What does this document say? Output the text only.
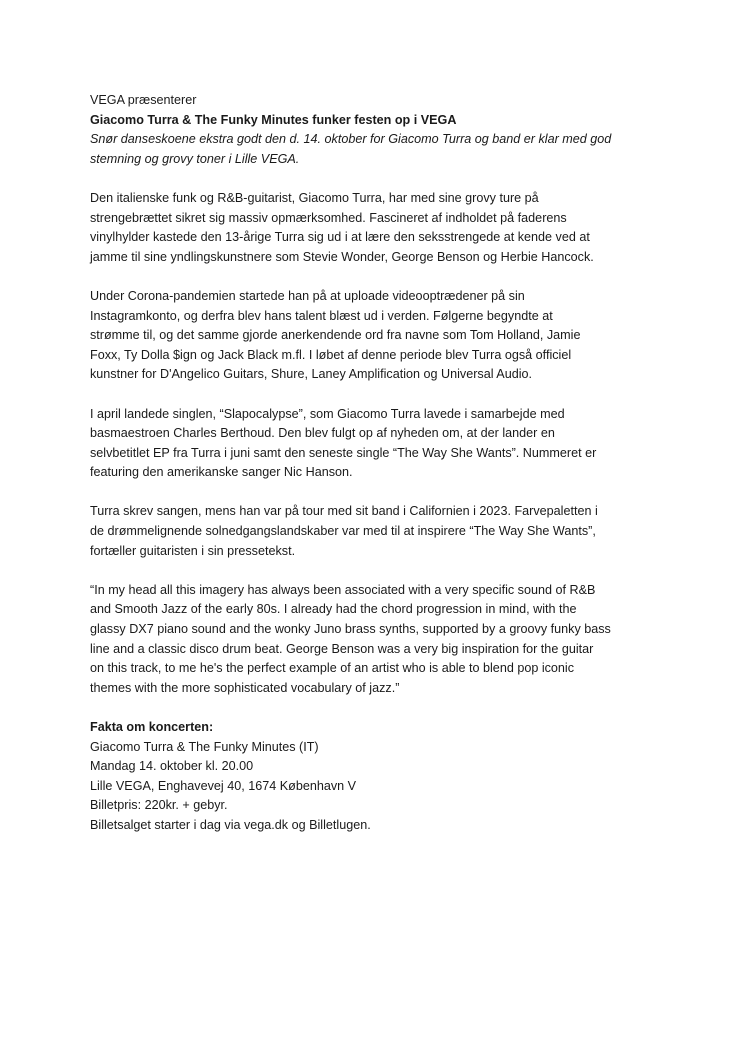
VEGA præsenterer
Giacomo Turra & The Funky Minutes funker festen op i VEGA
Snør danseskoene ekstra godt den d. 14. oktober for Giacomo Turra og band er klar med god
stemning og grovy toner i Lille VEGA.
Den italienske funk og R&B-guitarist, Giacomo Turra, har med sine grovy ture på
strengebrættet sikret sig massiv opmærksomhed. Fascineret af indholdet på faderens
vinylhylder kastede den 13-årige Turra sig ud i at lære den seksstrengede at kende ved at
jamme til sine yndlingskunstnere som Stevie Wonder, George Benson og Herbie Hancock.
Under Corona-pandemien startede han på at uploade videooptrædener på sin
Instagramkonto, og derfra blev hans talent blæst ud i verden. Følgerne begyndte at
strømme til, og det samme gjorde anerkendende ord fra navne som Tom Holland, Jamie
Foxx, Ty Dolla $ign og Jack Black m.fl. I løbet af denne periode blev Turra også officiel
kunstner for D'Angelico Guitars, Shure, Laney Amplification og Universal Audio.
I april landede singlen, “Slapocalypse”, som Giacomo Turra lavede i samarbejde med
basmaestroen Charles Berthoud. Den blev fulgt op af nyheden om, at der lander en
selvbetitlet EP fra Turra i juni samt den seneste single “The Way She Wants”. Nummeret er
featuring den amerikanske sanger Nic Hanson.
Turra skrev sangen, mens han var på tour med sit band i Californien i 2023. Farvepaletten i
de drømmelignende solnedgangslandskaber var med til at inspirere “The Way She Wants”,
fortæller guitaristen i sin pressetekst.
“In my head all this imagery has always been associated with a very specific sound of R&B
and Smooth Jazz of the early 80s. I already had the chord progression in mind, with the
glassy DX7 piano sound and the wonky Juno brass synths, supported by a groovy funky bass
line and a classic disco drum beat. George Benson was a very big inspiration for the guitar
on this track, to me he's the perfect example of an artist who is able to blend pop iconic
themes with the more sophisticated vocabulary of jazz.”
Fakta om koncerten:
Giacomo Turra & The Funky Minutes (IT)
Mandag 14. oktober kl. 20.00
Lille VEGA, Enghavevej 40, 1674 København V
Billetpris: 220kr. + gebyr.
Billetsalget starter i dag via vega.dk og Billetlugen.
